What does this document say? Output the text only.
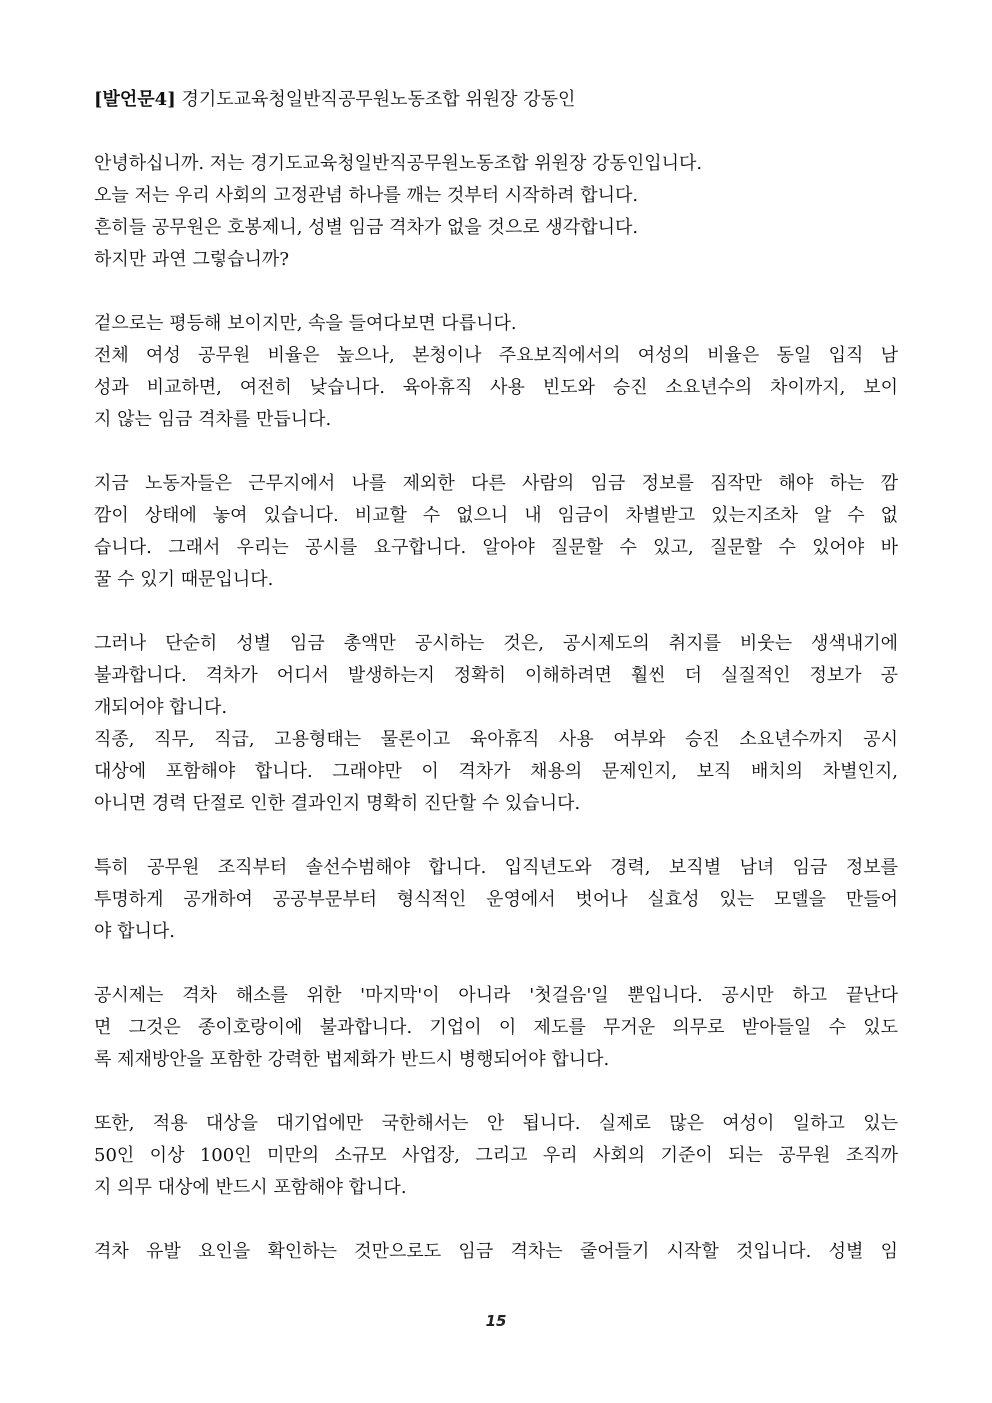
[발언문4] 경기도교육청일반직공무원노동조합 위원장 강동인
안녕하십니까. 저는 경기도교육청일반직공무원노동조합 위원장 강동인입니다.
오늘 저는 우리 사회의 고정관념 하나를 깨는 것부터 시작하려 합니다.
흔히들 공무원은 호봉제니, 성별 임금 격차가 없을 것으로 생각합니다.
하지만 과연 그렇습니까?
겉으로는 평등해 보이지만, 속을 들여다보면 다릅니다.
전체 여성 공무원 비율은 높으나, 본청이나 주요보직에서의 여성의 비율은 동일 입직 남
성과 비교하면, 여전히 낮습니다. 육아휴직 사용 빈도와 승진 소요년수의 차이까지, 보이
지 않는 임금 격차를 만듭니다.
지금 노동자들은 근무지에서 나를 제외한 다른 사람의 임금 정보를 짐작만 해야 하는 깜
깜이 상태에 놓여 있습니다. 비교할 수 없으니 내 임금이 차별받고 있는지조차 알 수 없
습니다. 그래서 우리는 공시를 요구합니다. 알아야 질문할 수 있고, 질문할 수 있어야 바
꿀 수 있기 때문입니다.
그러나 단순히 성별 임금 총액만 공시하는 것은, 공시제도의 취지를 비웃는 생색내기에
불과합니다. 격차가 어디서 발생하는지 정확히 이해하려면 훨씬 더 실질적인 정보가 공
개되어야 합니다.
직종, 직무, 직급, 고용형태는 물론이고 육아휴직 사용 여부와 승진 소요년수까지 공시
대상에 포함해야 합니다. 그래야만 이 격차가 채용의 문제인지, 보직 배치의 차별인지,
아니면 경력 단절로 인한 결과인지 명확히 진단할 수 있습니다.
특히 공무원 조직부터 솔선수범해야 합니다. 입직년도와 경력, 보직별 남녀 임금 정보를
투명하게 공개하여 공공부문부터 형식적인 운영에서 벗어나 실효성 있는 모델을 만들어
야 합니다.
공시제는 격차 해소를 위한 '마지막'이 아니라 '첫걸음'일 뿐입니다. 공시만 하고 끝난다
면 그것은 종이호랑이에 불과합니다. 기업이 이 제도를 무거운 의무로 받아들일 수 있도
록 제재방안을 포함한 강력한 법제화가 반드시 병행되어야 합니다.
또한, 적용 대상을 대기업에만 국한해서는 안 됩니다. 실제로 많은 여성이 일하고 있는
50인 이상 100인 미만의 소규모 사업장, 그리고 우리 사회의 기준이 되는 공무원 조직까
지 의무 대상에 반드시 포함해야 합니다.
격차 유발 요인을 확인하는 것만으로도 임금 격차는 줄어들기 시작할 것입니다. 성별 임
15
